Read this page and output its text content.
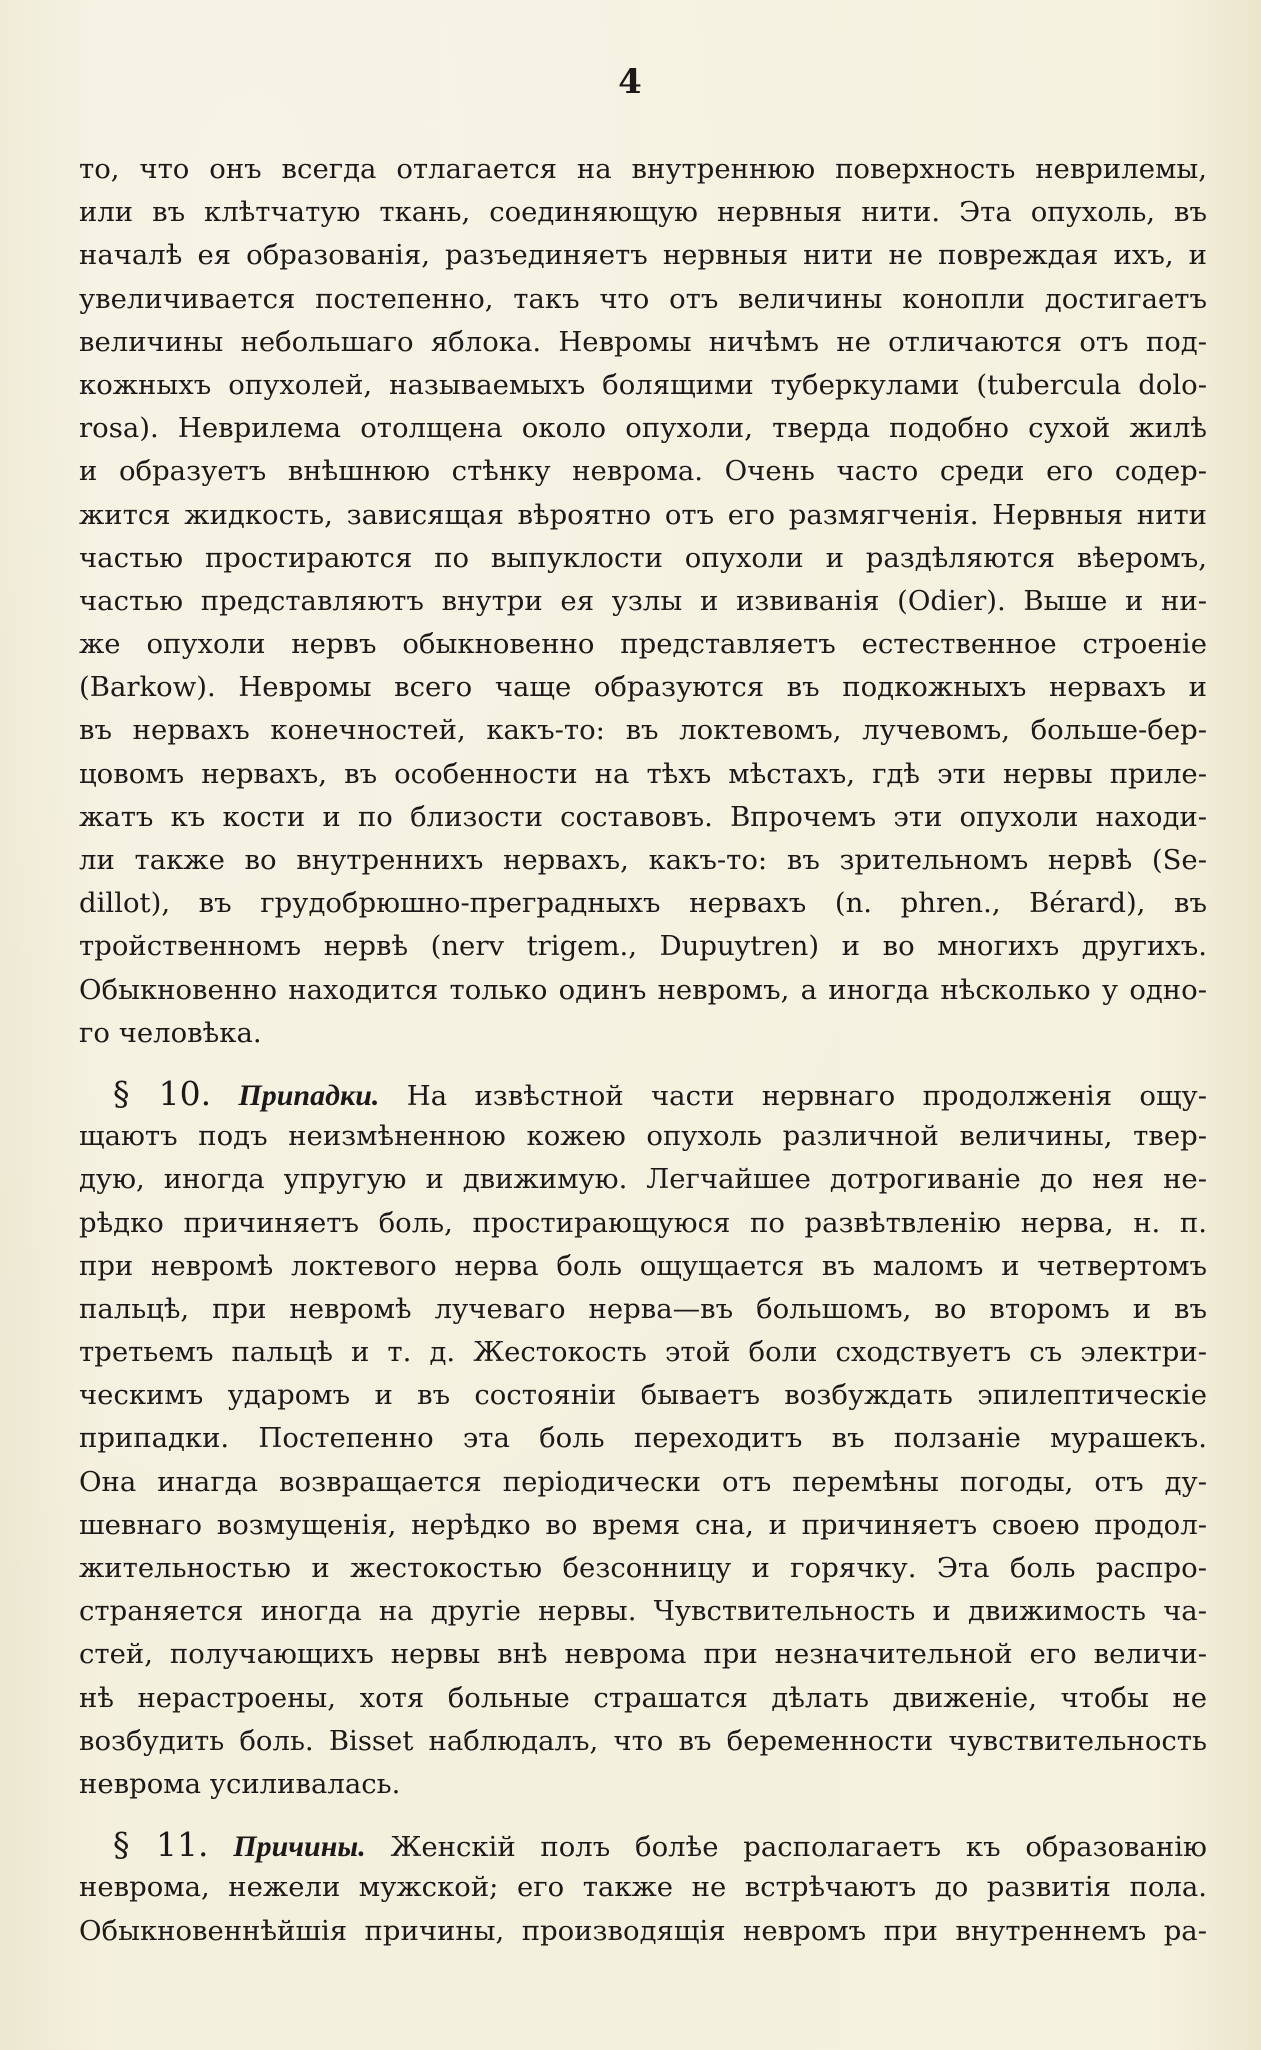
4
то, что онъ всегда отлагается на внутреннюю поверхность неврилемы,
или въ клѣтчатую ткань, соединяющую нервныя нити. Эта опухоль, въ
началѣ ея образованія, разъединяетъ нервныя нити не повреждая ихъ, и
увеличивается постепенно, такъ что отъ величины конопли достигаетъ
величины небольшаго яблока. Невромы ничѣмъ не отличаются отъ под-
кожныхъ опухолей, называемыхъ болящими туберкулами (tubercula dolo-
rosa). Неврилема отолщена около опухоли, тверда подобно сухой жилѣ
и образуетъ внѣшнюю стѣнку невромa. Очень часто среди его содер-
жится жидкость, зависящая вѣроятно отъ его размягченія. Нервныя нити
частью простираются по выпуклости опухоли и раздѣляются вѣеромъ,
частью представляютъ внутри ея узлы и извиванія (Odier). Выше и ни-
же опухоли нервъ обыкновенно представляетъ естественное строеніе
(Barkow). Невромы всего чаще образуются въ подкожныхъ нервахъ и
въ нервахъ конечностей, какъ-то: въ локтевомъ, лучевомъ, больше-бер-
цовомъ нервахъ, въ особенности на тѣхъ мѣстахъ, гдѣ эти нервы приле-
жатъ къ кости и по близости составовъ. Впрочемъ эти опухоли находи-
ли также во внутреннихъ нервахъ, какъ-то: въ зрительномъ нервѣ (Se-
dillot), въ грудобрюшно-преградныхъ нервахъ (n. phren., Bérard), въ
тройственномъ нервѣ (nerv trigem., Dupuytren) и во многихъ другихъ.
Обыкновенно находится только одинъ невромъ, а иногда нѣсколько у одно-
го человѣка.
§ 10. Припадки. На извѣстной части нервнаго продолженія ощу-
щаютъ подъ неизмѣненною кожею опухоль различной величины, твер-
дую, иногда упругую и движимую. Легчайшее дотрогиваніе до нея не-
рѣдко причиняетъ боль, простирающуюся по развѣтвленію нерва, н. п.
при невромѣ локтевого нерва боль ощущается въ маломъ и четвертомъ
пальцѣ, при невромѣ лучеваго нерва—въ большомъ, во второмъ и въ
третьемъ пальцѣ и т. д. Жестокость этой боли сходствуетъ съ электри-
ческимъ ударомъ и въ состояніи бываетъ возбуждать эпилептическіе
припадки. Постепенно эта боль переходитъ въ ползаніе мурашекъ.
Она инагда возвращается періодически отъ перемѣны погоды, отъ ду-
шевнаго возмущенія, нерѣдко во время сна, и причиняетъ своею продол-
жительностью и жестокостью безсонницу и горячку. Эта боль распро-
страняется иногда на другіе нервы. Чувствительность и движимость ча-
стей, получающихъ нервы внѣ невромa при незначительной его величи-
нѣ нерастроены, хотя больные страшатся дѣлать движеніе, чтобы не
возбудить боль. Bisset наблюдалъ, что въ беременности чувствительность
невромa усиливалась.
§ 11. Причины. Женскій полъ болѣе располагаетъ къ образованію
невромa, нежели мужской; его также не встрѣчаютъ до развитія пола.
Обыкновеннѣйшія причины, производящія невромъ при внутреннемъ ра-
